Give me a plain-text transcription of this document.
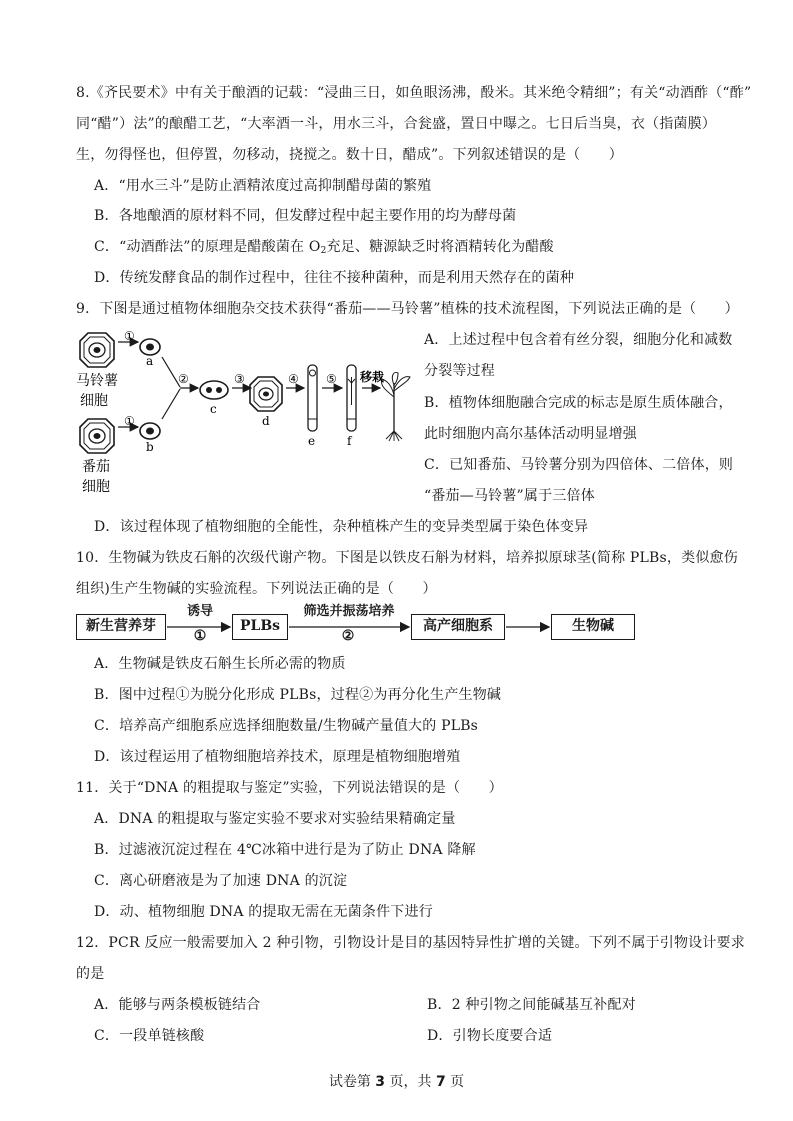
8.《齐民要术》中有关于酿酒的记载：“浸曲三日，如鱼眼汤沸，酘米。其米绝令精细”；有关“动酒酢（“酢”
同“醋”）法”的酿醋工艺，“大率酒一斗，用水三斗，合瓮盛，置日中曝之。七日后当臭，衣（指菌膜）
生，勿得怪也，但停置，勿移动，挠搅之。数十日，醋成”。下列叙述错误的是（　　）
A．“用水三斗”是防止酒精浓度过高抑制醋母菌的繁殖
B．各地酿酒的原材料不同，但发酵过程中起主要作用的均为酵母菌
C．“动酒酢法”的原理是醋酸菌在 $O_2$充足、糖源缺乏时将酒精转化为醋酸
D．传统发酵食品的制作过程中，往往不接种菌种，而是利用天然存在的菌种
9．下图是通过植物体细胞杂交技术获得“番茄——马铃薯”植株的技术流程图，下列说法正确的是（　　）
①
①
a
b
②
c
③
d
④
e
⑤
f
移栽
马铃薯
细胞
番茄
细胞
A．上述过程中包含着有丝分裂，细胞分化和减数
分裂等过程
B．植物体细胞融合完成的标志是原生质体融合，
此时细胞内高尔基体活动明显增强
C．已知番茄、马铃薯分别为四倍体、二倍体，则
“番茄—马铃薯”属于三倍体
D．该过程体现了植物细胞的全能性，杂种植株产生的变异类型属于染色体变异
10．生物碱为铁皮石斛的次级代谢产物。下图是以铁皮石斛为材料，培养拟原球茎(简称 PLBs，类似愈伤
组织)生产生物碱的实验流程。下列说法正确的是（　　）
新生营养芽	PLBs	高产细胞系	生物碱
诱导
①
筛选并振荡培养
②
A．生物碱是铁皮石斛生长所必需的物质
B．图中过程①为脱分化形成 PLBs，过程②为再分化生产生物碱
C．培养高产细胞系应选择细胞数量/生物碱产量值大的 PLBs
D．该过程运用了植物细胞培养技术，原理是植物细胞增殖
11．关于“DNA 的粗提取与鉴定”实验，下列说法错误的是（　　）
A．DNA 的粗提取与鉴定实验不要求对实验结果精确定量
B．过滤液沉淀过程在 4℃冰箱中进行是为了防止 DNA 降解
C．离心研磨液是为了加速 DNA 的沉淀
D．动、植物细胞 DNA 的提取无需在无菌条件下进行
12．PCR 反应一般需要加入 2 种引物，引物设计是目的基因特异性扩增的关键。下列不属于引物设计要求
的是
A．能够与两条模板链结合	B．2 种引物之间能碱基互补配对
C．一段单链核酸	D．引物长度要合适
试卷第 3 页，共 7 页
